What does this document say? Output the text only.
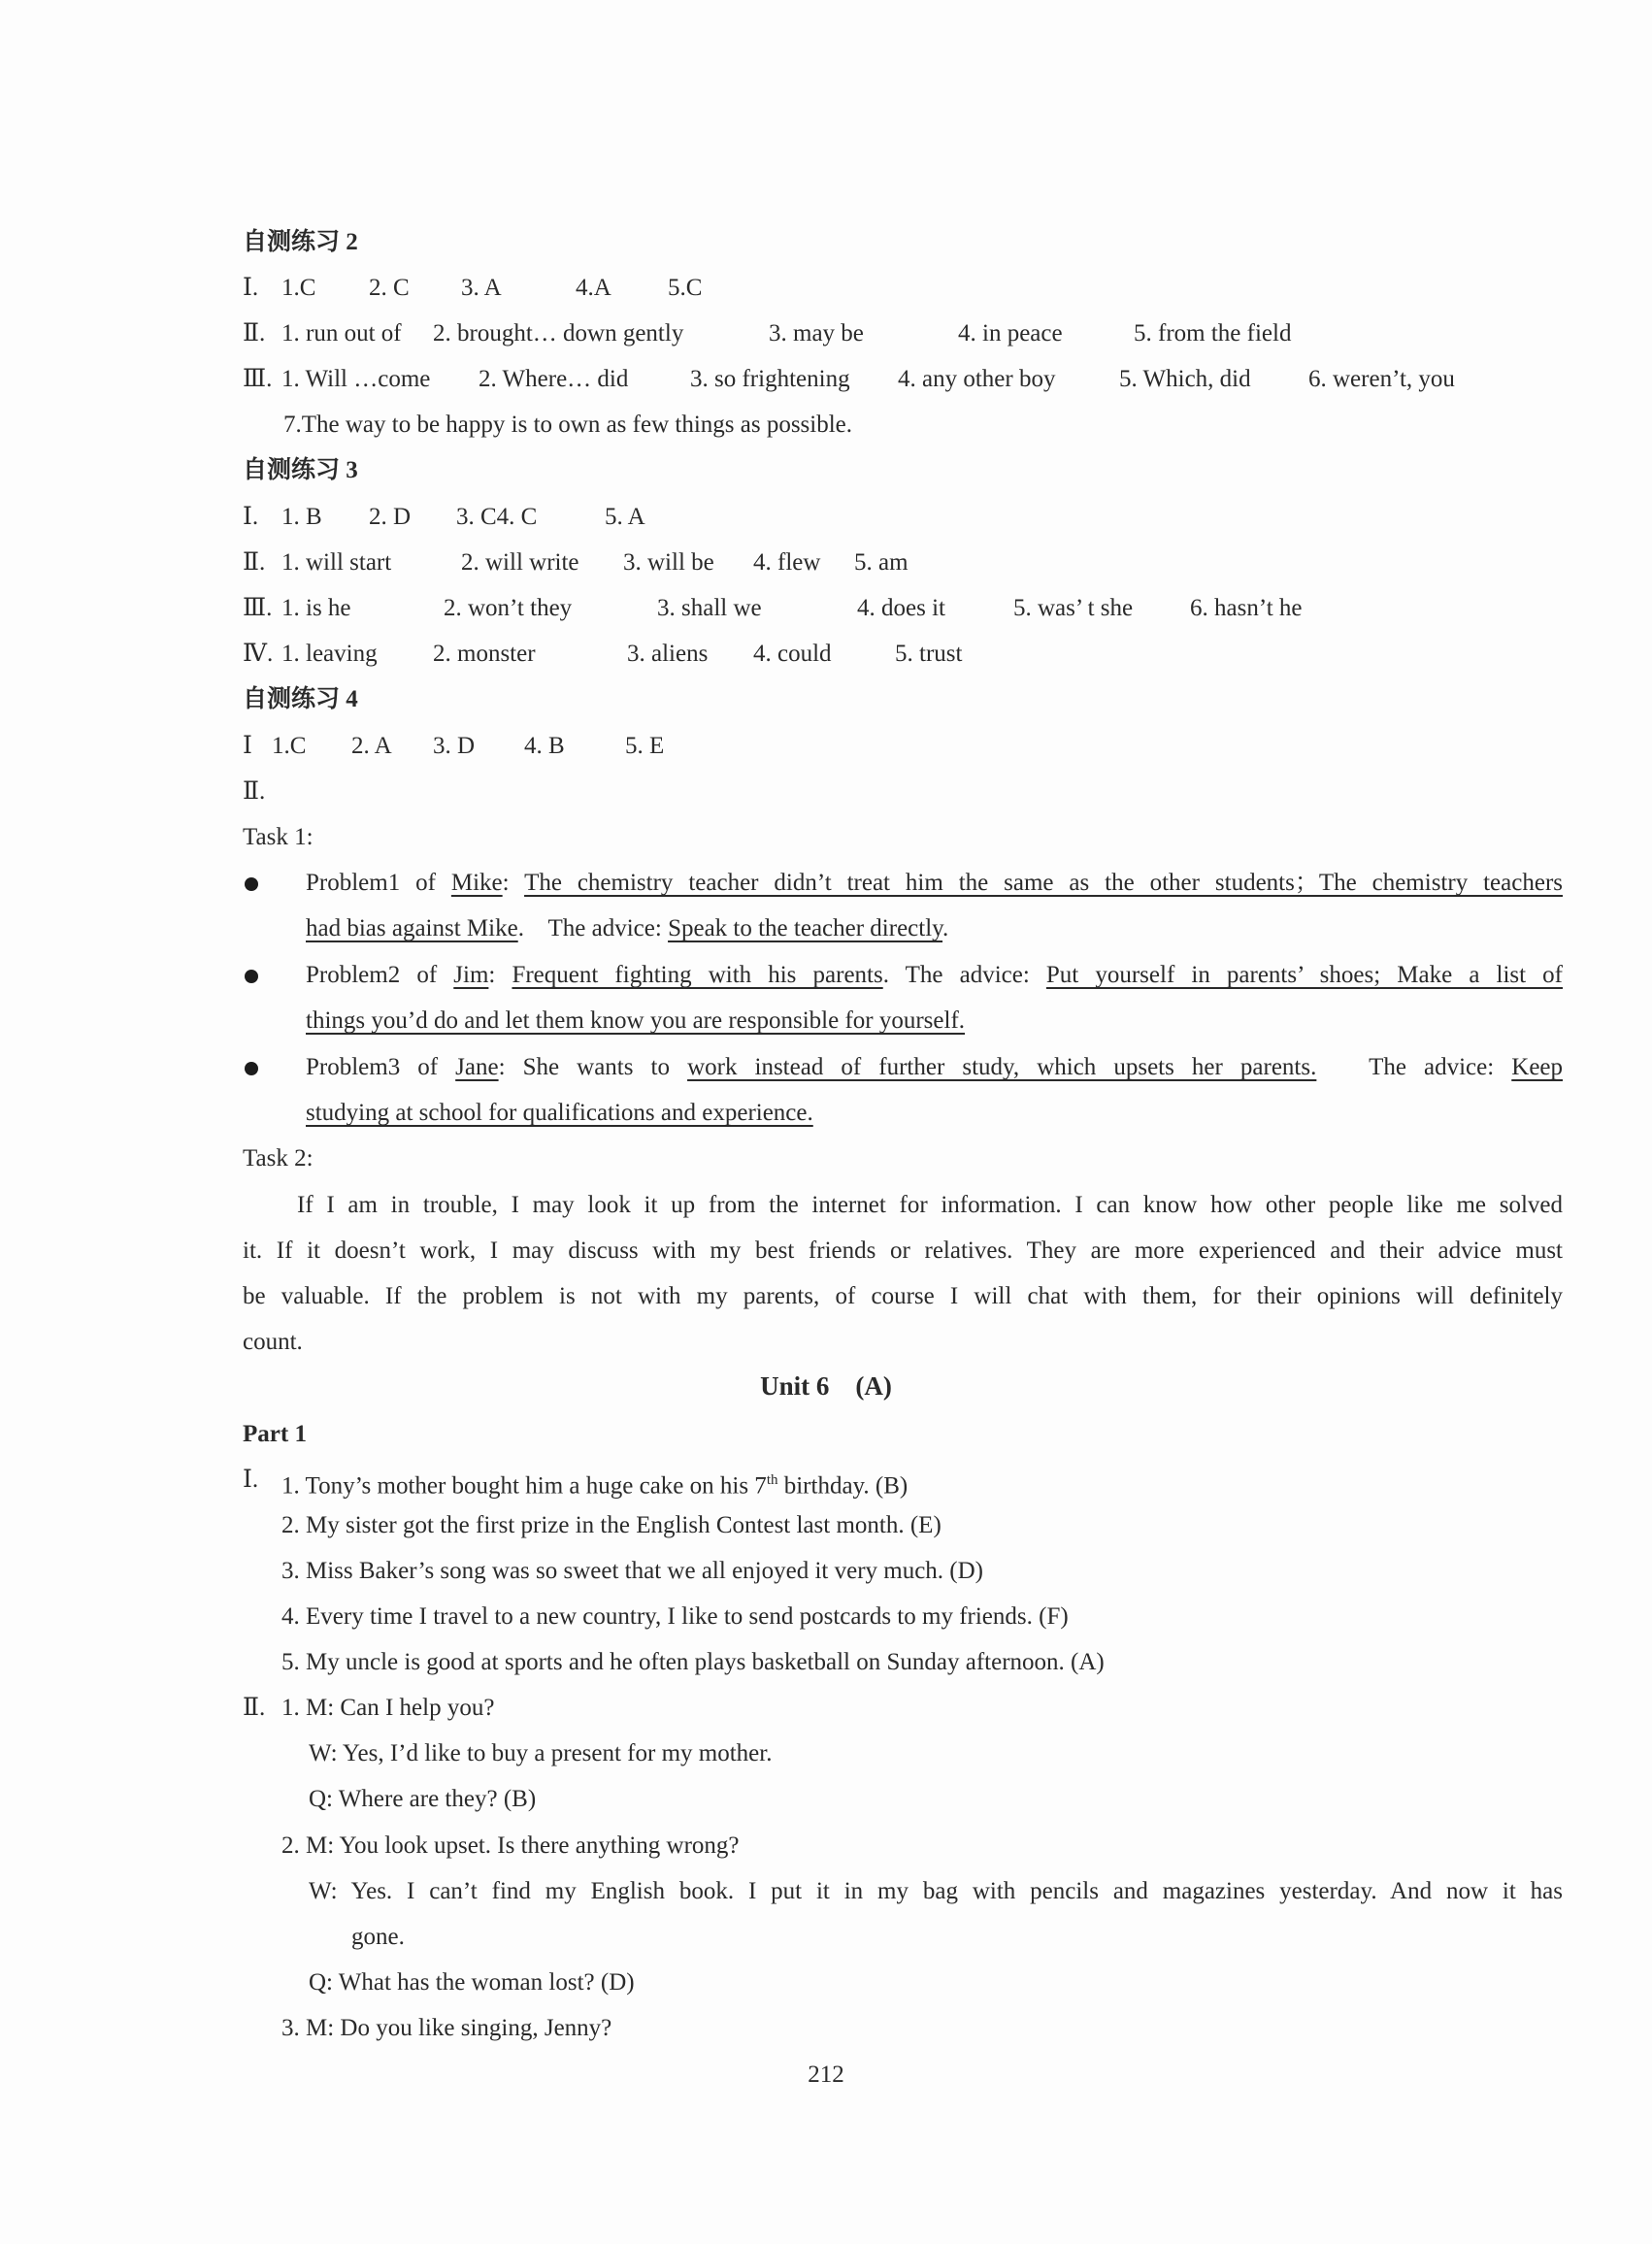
自测练习 2
Ⅰ. 1.C 2. C 3. A	4.A 5.C
Ⅱ. 1. run out of 2. brought… down gently	3. may be	4. in peace	5. from the field
Ⅲ. 1. Will …come 2. Where… did	3. so frightening 4. any other boy	5. Which, did 6. weren’t, you
7.The way to be happy is to own as few things as possible.
自测练习 3
Ⅰ. 1. B 2. D 3. C4. C	5. A
Ⅱ. 1. will start	2. will write 3. will be 4. flew 5. am
Ⅲ. 1. is he	2. won’t they	3. shall we	4. does it	5. was’ t she 6. hasn’t he
Ⅳ. 1. leaving 2. monster	3. aliens 4. could	5. trust
自测练习 4
Ⅰ 1.C 2. A 3. D 4. B 5. E
Ⅱ.
Task 1:
Problem1 of Mike: The chemistry teacher didn’t treat him the same as the other students；The chemistry teachers
had bias against Mike.    The advice: Speak to the teacher directly.
Problem2 of Jim: Frequent fighting with his parents. The advice: Put yourself in parents’ shoes; Make a list of
things you’d do and let them know you are responsible for yourself.
Problem3 of Jane: She wants to work instead of further study, which upsets her parents.   The advice: Keep
studying at school for qualifications and experience.
Task 2:
If I am in trouble, I may look it up from the internet for information. I can know how other people like me solved
it. If it doesn’t work, I may discuss with my best friends or relatives. They are more experienced and their advice must
be valuable. If the problem is not with my parents, of course I will chat with them, for their opinions will definitely
count.
Unit 6    (A)
Part 1
Ⅰ. 1. Tony’s mother bought him a huge cake on his 7th birthday. (B)
2. My sister got the first prize in the English Contest last month. (E)
3. Miss Baker’s song was so sweet that we all enjoyed it very much. (D)
4. Every time I travel to a new country, I like to send postcards to my friends. (F)
5. My uncle is good at sports and he often plays basketball on Sunday afternoon. (A)
Ⅱ. 1. M: Can I help you?
W: Yes, I’d like to buy a present for my mother.
Q: Where are they? (B)
2. M: You look upset. Is there anything wrong?
W: Yes. I can’t find my English book. I put it in my bag with pencils and magazines yesterday. And now it has
gone.
Q: What has the woman lost? (D)
3. M: Do you like singing, Jenny?
212
